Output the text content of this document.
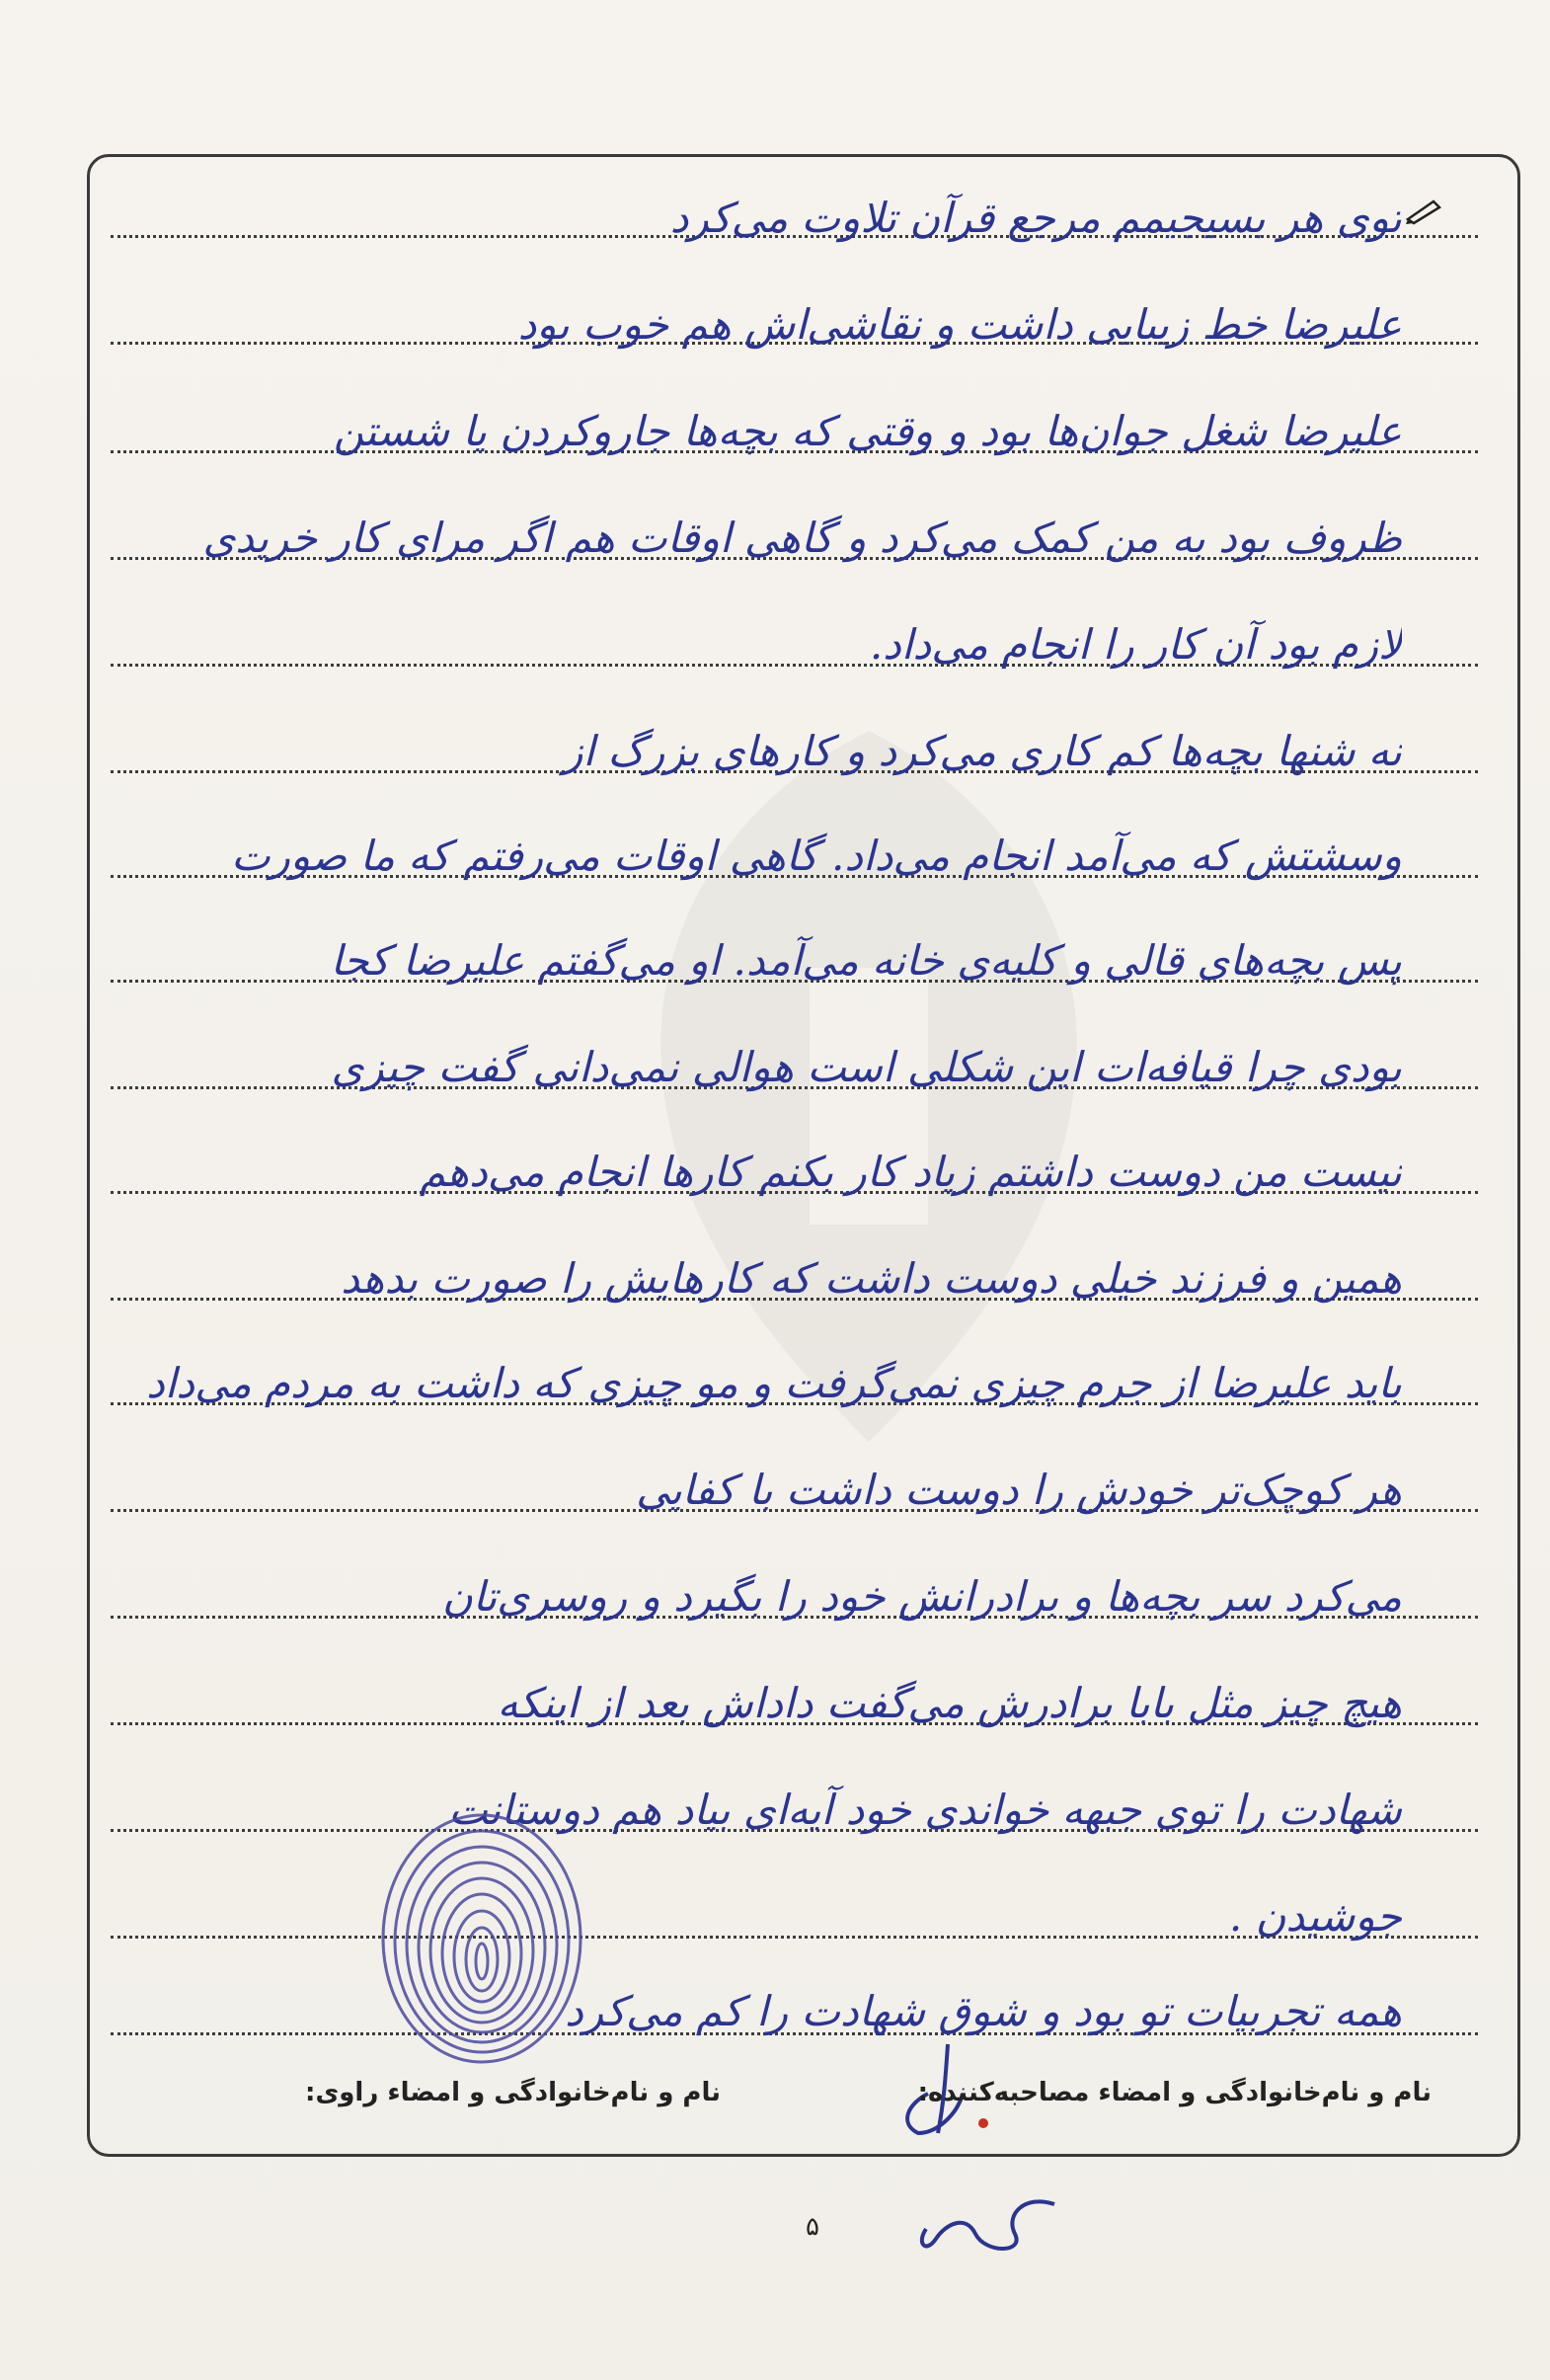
توی هر بسیجیمم مرجع قرآن تلاوت می‌کرد
علیرضا خط زیبایی داشت و نقاشی‌اش هم خوب بود
علیرضا شغل جوان‌ها بود و وقتی که بچه‌ها جاروکردن یا شستن
ظروف بود به من کمک می‌کرد و گاهی اوقات هم اگر مرای کار خریدی
لازم بود آن کار را انجام می‌داد.
نه شنها بچه‌ها کم کاری می‌کرد و کارهای بزرگ از
وسشتش که می‌آمد انجام می‌داد. گاهی اوقات می‌رفتم که ما صورت
پس بچه‌های قالی و کلیه‌ی خانه می‌آمد. او می‌گفتم علیرضا کجا
بودی چرا قیافه‌ات این شکلی است هوالی نمی‌دانی گفت چیزی
نیست من دوست داشتم زیاد کار بکنم کارها انجام می‌دهم
همین و فرزند خیلی دوست داشت که کارهایش را صورت بدهد
باید علیرضا از جرم چیزی نمی‌گرفت و مو چیزی که داشت به مردم می‌داد
هر کوچک‌تر خودش را دوست داشت با کفایی
می‌کرد سر بچه‌ها و برادرانش خود را بگیرد و روسری‌تان
هیچ چیز مثل بابا برادرش می‌گفت داداش بعد از اینکه
شهادت را توی جبهه خواندی خود آیه‌ای بیاد هم دوستانت
جوشیدن .
همه تجربیات تو بود و شوق شهادت را کم می‌کرد
نام و نام‌خانوادگی و امضاء مصاحبه‌کننده:
نام و نام‌خانوادگی و امضاء راوی:
۵
